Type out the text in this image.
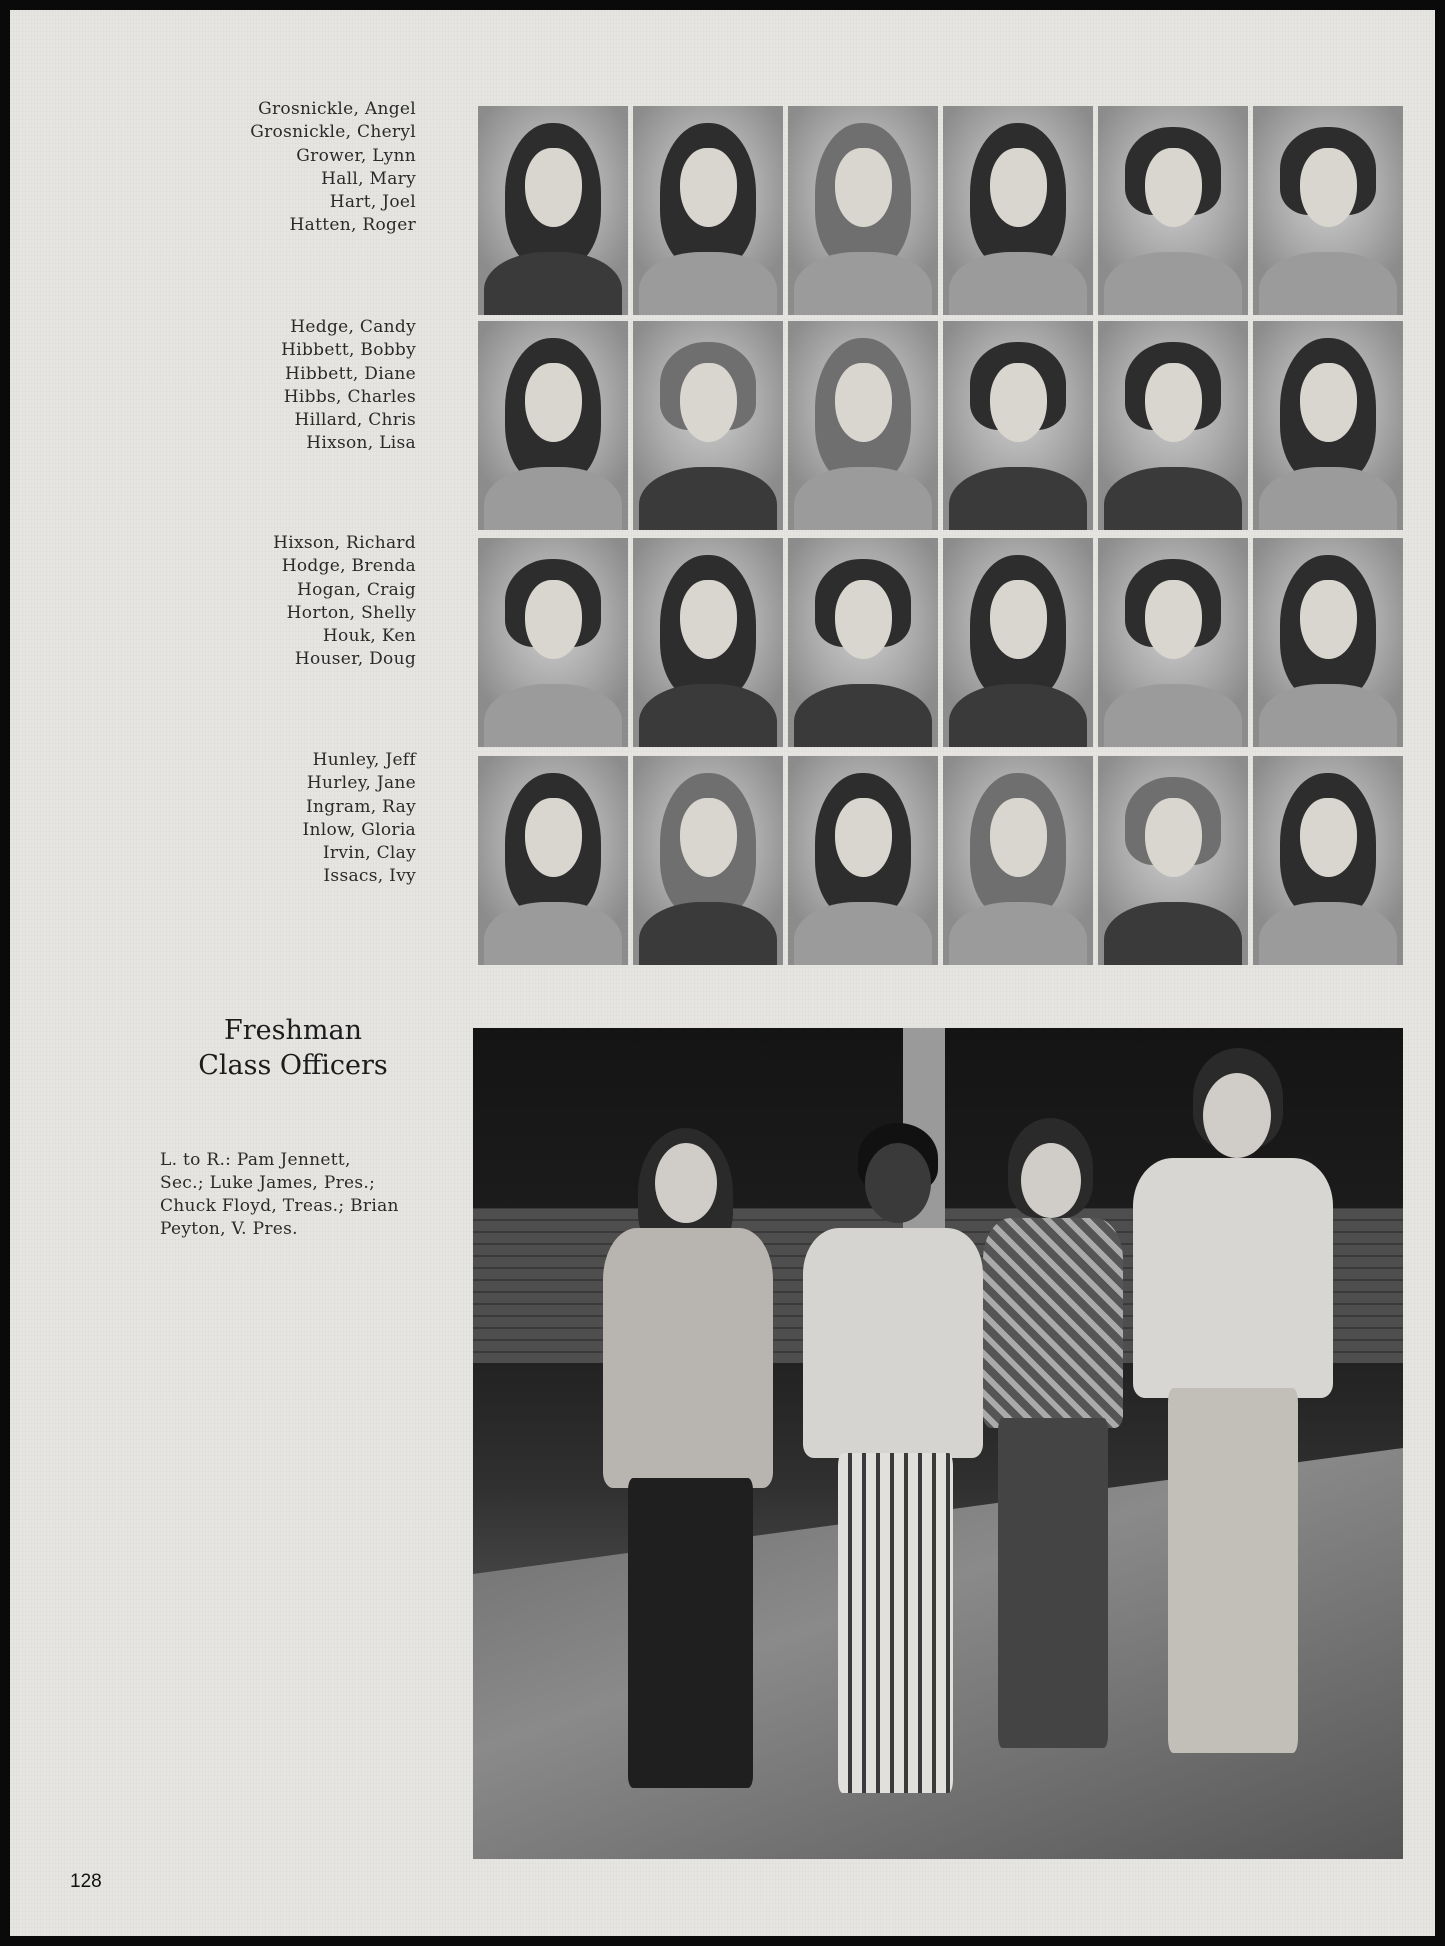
Grosnickle, Angel
Grosnickle, Cheryl
Grower, Lynn
Hall, Mary
Hart, Joel
Hatten, Roger
Hedge, Candy
Hibbett, Bobby
Hibbett, Diane
Hibbs, Charles
Hillard, Chris
Hixson, Lisa
Hixson, Richard
Hodge, Brenda
Hogan, Craig
Horton, Shelly
Houk, Ken
Houser, Doug
Hunley, Jeff
Hurley, Jane
Ingram, Ray
Inlow, Gloria
Irvin, Clay
Issacs, Ivy
Freshman
Class Officers
L. to R.: Pam Jennett,
Sec.; Luke James, Pres.;
Chuck Floyd, Treas.; Brian
Peyton, V. Pres.
128
